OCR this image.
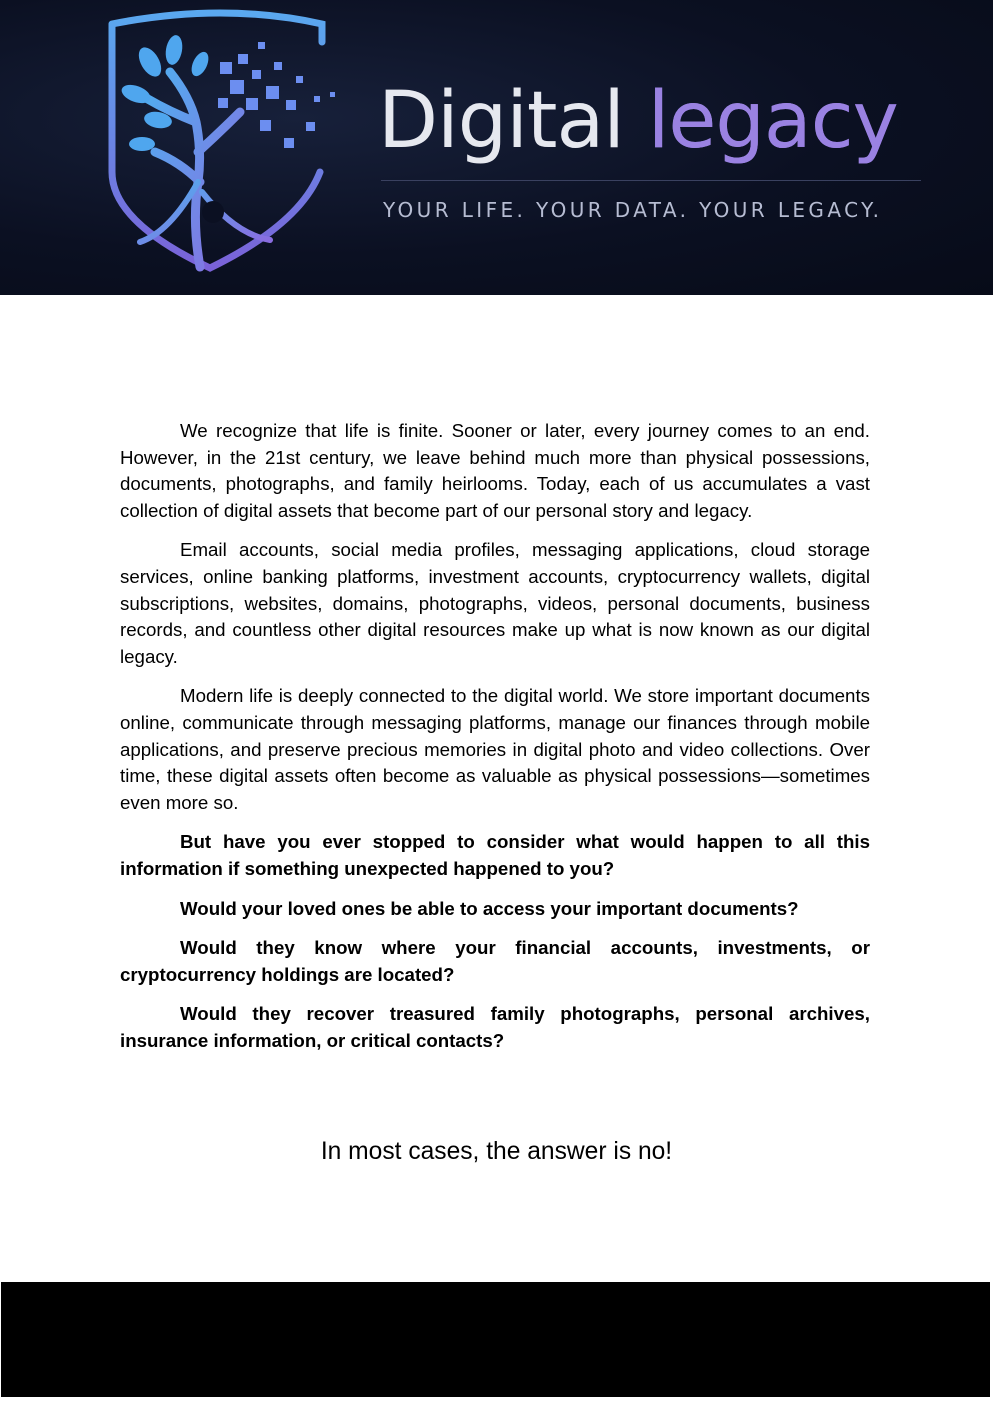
Digital legacy
YOUR LIFE. YOUR DATA. YOUR LEGACY.

We recognize that life is finite. Sooner or later, every journey comes to an end. However, in the 21st century, we leave behind much more than physical possessions, documents, photographs, and family heirlooms. Today, each of us accumulates a vast collection of digital assets that become part of our personal story and legacy.

Email accounts, social media profiles, messaging applications, cloud storage services, online banking platforms, investment accounts, cryptocurrency wallets, digital subscriptions, websites, domains, photographs, videos, personal documents, business records, and countless other digital resources make up what is now known as our digital legacy.

Modern life is deeply connected to the digital world. We store important documents online, communicate through messaging platforms, manage our finances through mobile applications, and preserve precious memories in digital photo and video collections. Over time, these digital assets often become as valuable as physical possessions—sometimes even more so.

But have you ever stopped to consider what would happen to all this information if something unexpected happened to you?

Would your loved ones be able to access your important documents?

Would they know where your financial accounts, investments, or cryptocurrency holdings are located?

Would they recover treasured family photographs, personal archives, insurance information, or critical contacts?

In most cases, the answer is no!
